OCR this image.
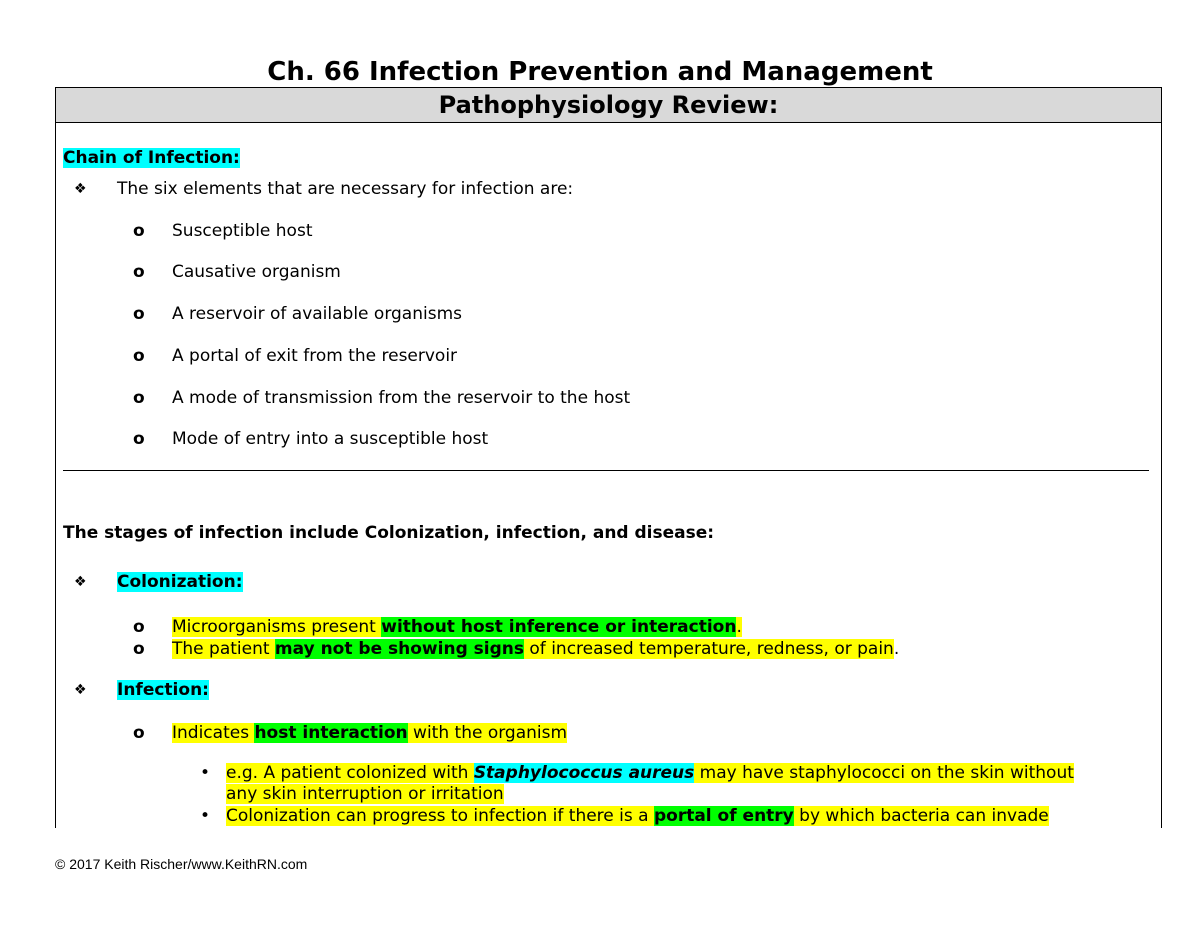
Ch. 66 Infection Prevention and Management
Pathophysiology Review:
Chain of Infection:
❖ The six elements that are necessary for infection are:
o Susceptible host
o Causative organism
o A reservoir of available organisms
o A portal of exit from the reservoir
o A mode of transmission from the reservoir to the host
o Mode of entry into a susceptible host
The stages of infection include Colonization, infection, and disease:
❖ Colonization:
o Microorganisms present without host inference or interaction.
o The patient may not be showing signs of increased temperature, redness, or pain.
❖ Infection:
o Indicates host interaction with the organism
• e.g. A patient colonized with Staphylococcus aureus may have staphylococci on the skin without
any skin interruption or irritation
• Colonization can progress to infection if there is a portal of entry by which bacteria can invade
© 2017 Keith Rischer/www.KeithRN.com
